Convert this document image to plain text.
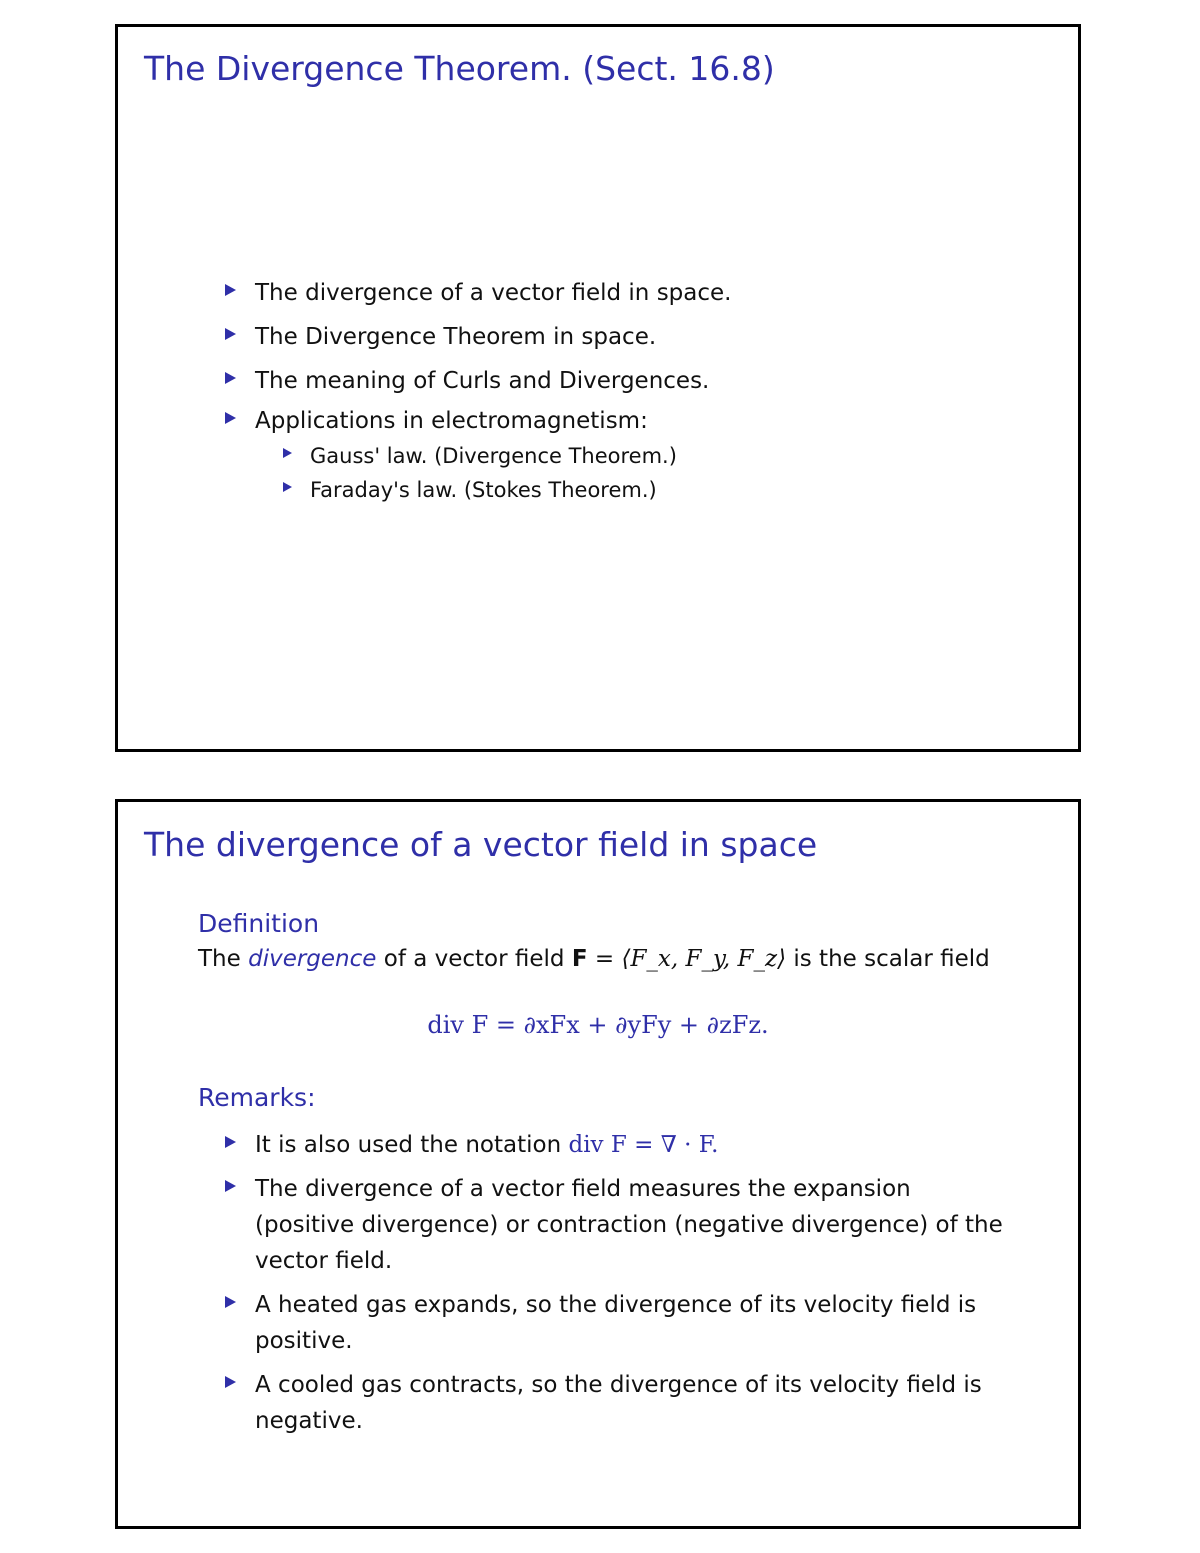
The Divergence Theorem. (Sect. 16.8)
The divergence of a vector field in space.
The Divergence Theorem in space.
The meaning of Curls and Divergences.
Applications in electromagnetism:
Gauss' law. (Divergence Theorem.)
Faraday's law. (Stokes Theorem.)
The divergence of a vector field in space
Definition
The divergence of a vector field F = ⟨F_x, F_y, F_z⟩ is the scalar field
div F = ∂xFx + ∂yFy + ∂zFz.
Remarks:
It is also used the notation div F = ∇ · F.
The divergence of a vector field measures the expansion (positive divergence) or contraction (negative divergence) of the vector field.
A heated gas expands, so the divergence of its velocity field is positive.
A cooled gas contracts, so the divergence of its velocity field is negative.
